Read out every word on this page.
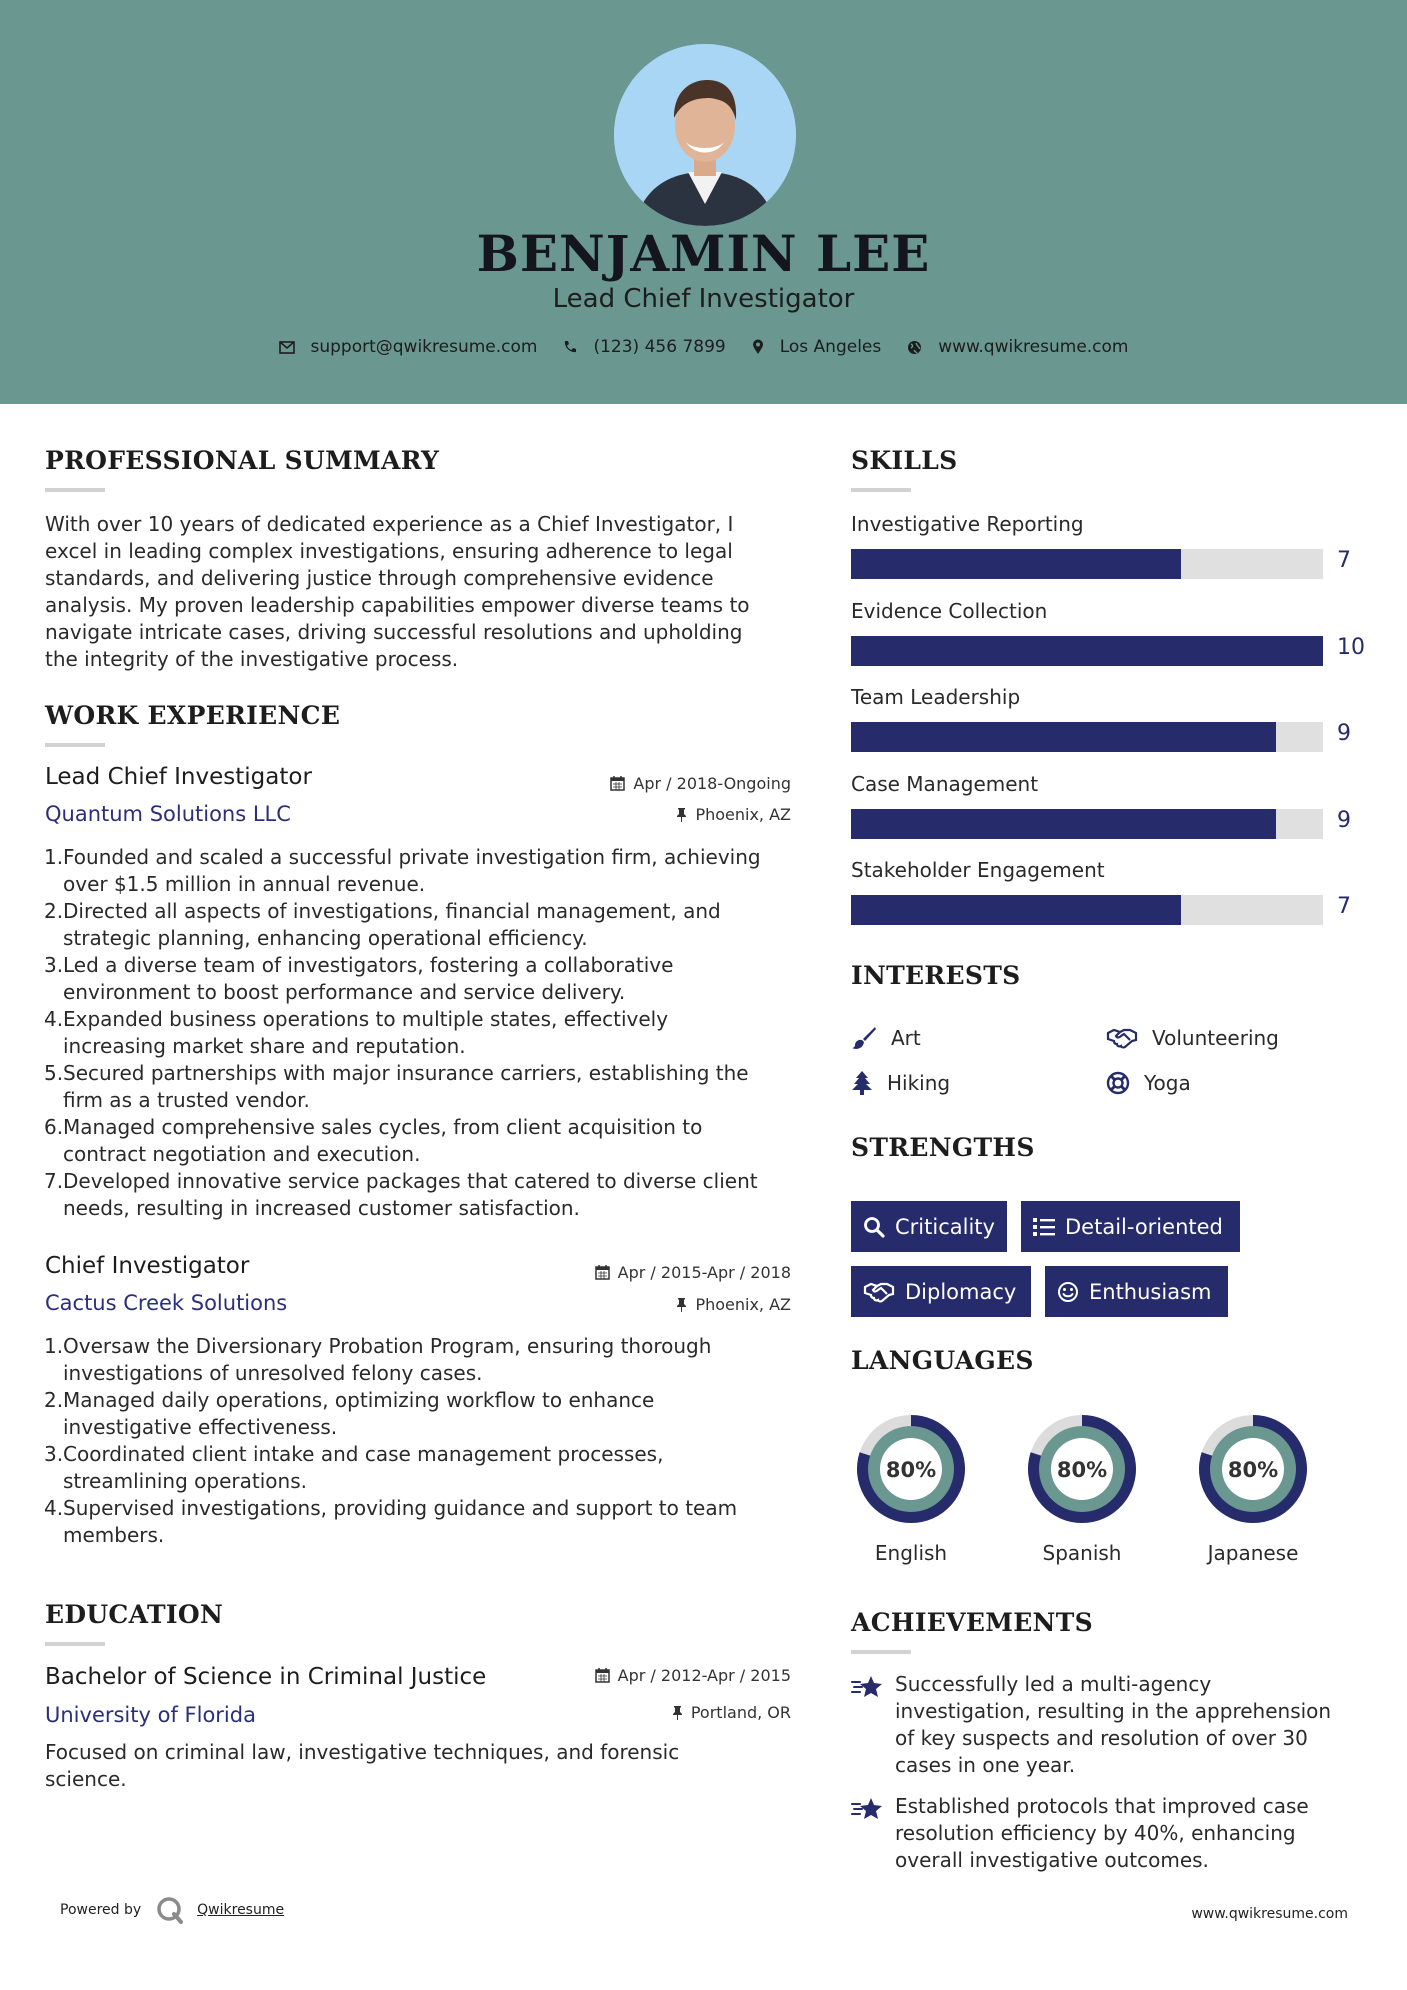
BENJAMIN LEE
Lead Chief Investigator
support@qwikresume.com	(123) 456 7899	Los Angeles	www.qwikresume.com
PROFESSIONAL SUMMARY
With over 10 years of dedicated experience as a Chief Investigator, I
excel in leading complex investigations, ensuring adherence to legal
standards, and delivering justice through comprehensive evidence
analysis. My proven leadership capabilities empower diverse teams to
navigate intricate cases, driving successful resolutions and upholding
the integrity of the investigative process.
WORK EXPERIENCE
Lead Chief Investigator
Quantum Solutions LLC
Apr / 2018-Ongoing
Phoenix, AZ
1. Founded and scaled a successful private investigation firm, achieving
over $1.5 million in annual revenue.
2. Directed all aspects of investigations, financial management, and
strategic planning, enhancing operational efficiency.
3. Led a diverse team of investigators, fostering a collaborative
environment to boost performance and service delivery.
4. Expanded business operations to multiple states, effectively
increasing market share and reputation.
5. Secured partnerships with major insurance carriers, establishing the
firm as a trusted vendor.
6. Managed comprehensive sales cycles, from client acquisition to
contract negotiation and execution.
7. Developed innovative service packages that catered to diverse client
needs, resulting in increased customer satisfaction.
Chief Investigator
Cactus Creek Solutions
Apr / 2015-Apr / 2018
Phoenix, AZ
1. Oversaw the Diversionary Probation Program, ensuring thorough
investigations of unresolved felony cases.
2. Managed daily operations, optimizing workflow to enhance
investigative effectiveness.
3. Coordinated client intake and case management processes,
streamlining operations.
4. Supervised investigations, providing guidance and support to team
members.
EDUCATION
Bachelor of Science in Criminal Justice
University of Florida
Apr / 2012-Apr / 2015
Portland, OR
Focused on criminal law, investigative techniques, and forensic
science.
SKILLS
Investigative Reporting
7
Evidence Collection
10
Team Leadership
9
Case Management
9
Stakeholder Engagement
7
INTERESTS
Art	Volunteering
Hiking	Yoga
STRENGTHS
Criticality	Detail-oriented
Diplomacy	Enthusiasm
LANGUAGES
80%
English
80%
Spanish
80%
Japanese
ACHIEVEMENTS
Successfully led a multi-agency
investigation, resulting in the apprehension
of key suspects and resolution of over 30
cases in one year.
Established protocols that improved case
resolution efficiency by 40%, enhancing
overall investigative outcomes.
Powered by	Qwikresume	www.qwikresume.com
